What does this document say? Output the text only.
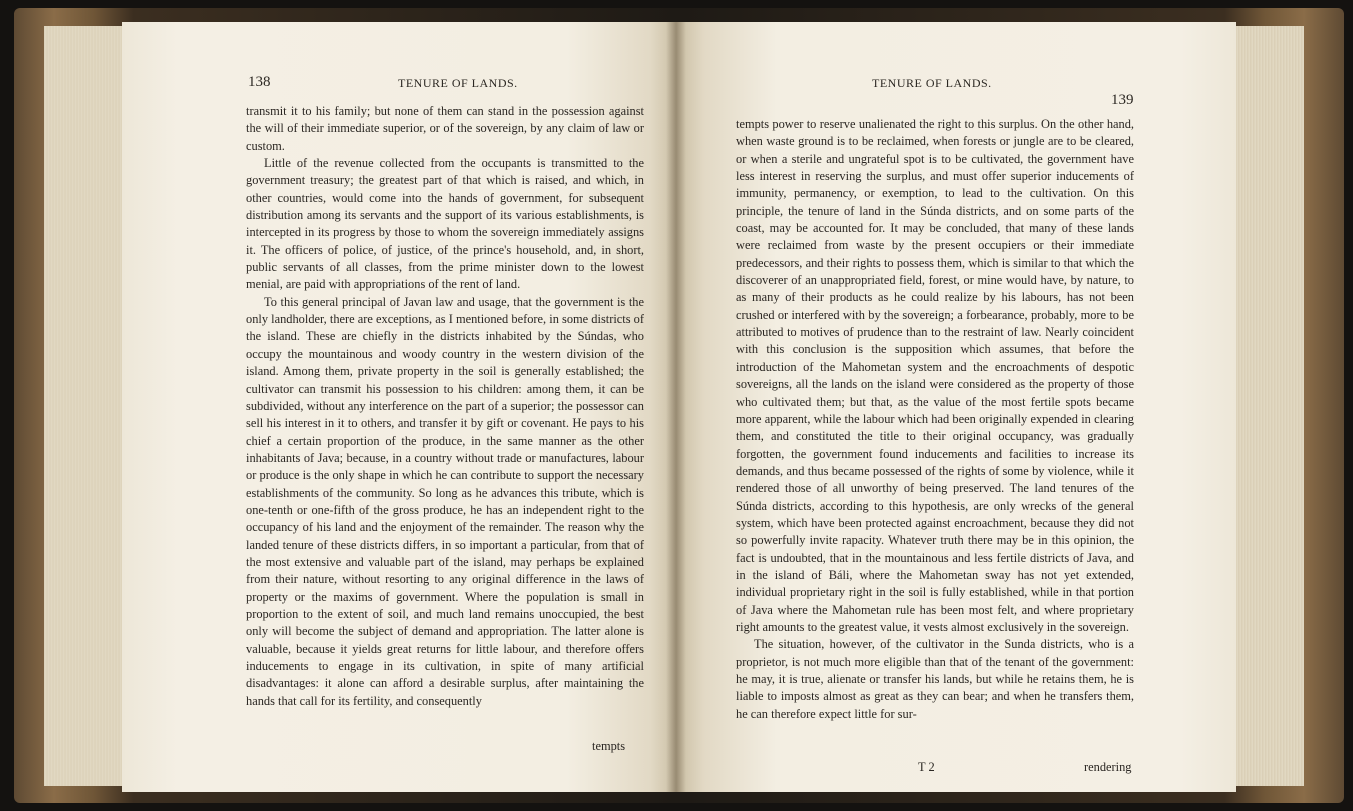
138	TENURE OF LANDS.

transmit it to his family; but none of them can stand in the possession against the will of their immediate superior, or of the sovereign, by any claim of law or custom.

Little of the revenue collected from the occupants is transmitted to the government treasury; the greatest part of that which is raised, and which, in other countries, would come into the hands of government, for subsequent distribution among its servants and the support of its various establishments, is intercepted in its progress by those to whom the sovereign immediately assigns it. The officers of police, of justice, of the prince's household, and, in short, public servants of all classes, from the prime minister down to the lowest menial, are paid with appropriations of the rent of land.

To this general principal of Javan law and usage, that the government is the only landholder, there are exceptions, as I mentioned before, in some districts of the island. These are chiefly in the districts inhabited by the Súndas, who occupy the mountainous and woody country in the western division of the island. Among them, private property in the soil is generally established; the cultivator can transmit his possession to his children: among them, it can be subdivided, without any interference on the part of a superior; the possessor can sell his interest in it to others, and transfer it by gift or covenant. He pays to his chief a certain proportion of the produce, in the same manner as the other inhabitants of Java; because, in a country without trade or manufactures, labour or produce is the only shape in which he can contribute to support the necessary establishments of the community. So long as he advances this tribute, which is one-tenth or one-fifth of the gross produce, he has an independent right to the occupancy of his land and the enjoyment of the remainder. The reason why the landed tenure of these districts differs, in so important a particular, from that of the most extensive and valuable part of the island, may perhaps be explained from their nature, without resorting to any original difference in the laws of property or the maxims of government. Where the population is small in proportion to the extent of soil, and much land remains unoccupied, the best only will become the subject of demand and appropriation. The latter alone is valuable, because it yields great returns for little labour, and therefore offers inducements to engage in its cultivation, in spite of many artificial disadvantages: it alone can afford a desirable surplus, after maintaining the hands that call for its fertility, and consequently

tempts
TENURE OF LANDS.
139

tempts power to reserve unalienated the right to this surplus. On the other hand, when waste ground is to be reclaimed, when forests or jungle are to be cleared, or when a sterile and ungrateful spot is to be cultivated, the government have less interest in reserving the surplus, and must offer superior inducements of immunity, permanency, or exemption, to lead to the cultivation. On this principle, the tenure of land in the Súnda districts, and on some parts of the coast, may be accounted for. It may be concluded, that many of these lands were reclaimed from waste by the present occupiers or their immediate predecessors, and their rights to possess them, which is similar to that which the discoverer of an unappropriated field, forest, or mine would have, by nature, to as many of their products as he could realize by his labours, has not been crushed or interfered with by the sovereign; a forbearance, probably, more to be attributed to motives of prudence than to the restraint of law. Nearly coincident with this conclusion is the supposition which assumes, that before the introduction of the Mahometan system and the encroachments of despotic sovereigns, all the lands on the island were considered as the property of those who cultivated them; but that, as the value of the most fertile spots became more apparent, while the labour which had been originally expended in clearing them, and constituted the title to their original occupancy, was gradually forgotten, the government found inducements and facilities to increase its demands, and thus became possessed of the rights of some by violence, while it rendered those of all unworthy of being preserved. The land tenures of the Súnda districts, according to this hypothesis, are only wrecks of the general system, which have been protected against encroachment, because they did not so powerfully invite rapacity. Whatever truth there may be in this opinion, the fact is undoubted, that in the mountainous and less fertile districts of Java, and in the island of Báli, where the Mahometan sway has not yet extended, individual proprietary right in the soil is fully established, while in that portion of Java where the Mahometan rule has been most felt, and where proprietary right amounts to the greatest value, it vests almost exclusively in the sovereign.

The situation, however, of the cultivator in the Sunda districts, who is a proprietor, is not much more eligible than that of the tenant of the government: he may, it is true, alienate or transfer his lands, but while he retains them, he is liable to imposts almost as great as they can bear; and when he transfers them, he can therefore expect little for sur-

T 2	rendering
